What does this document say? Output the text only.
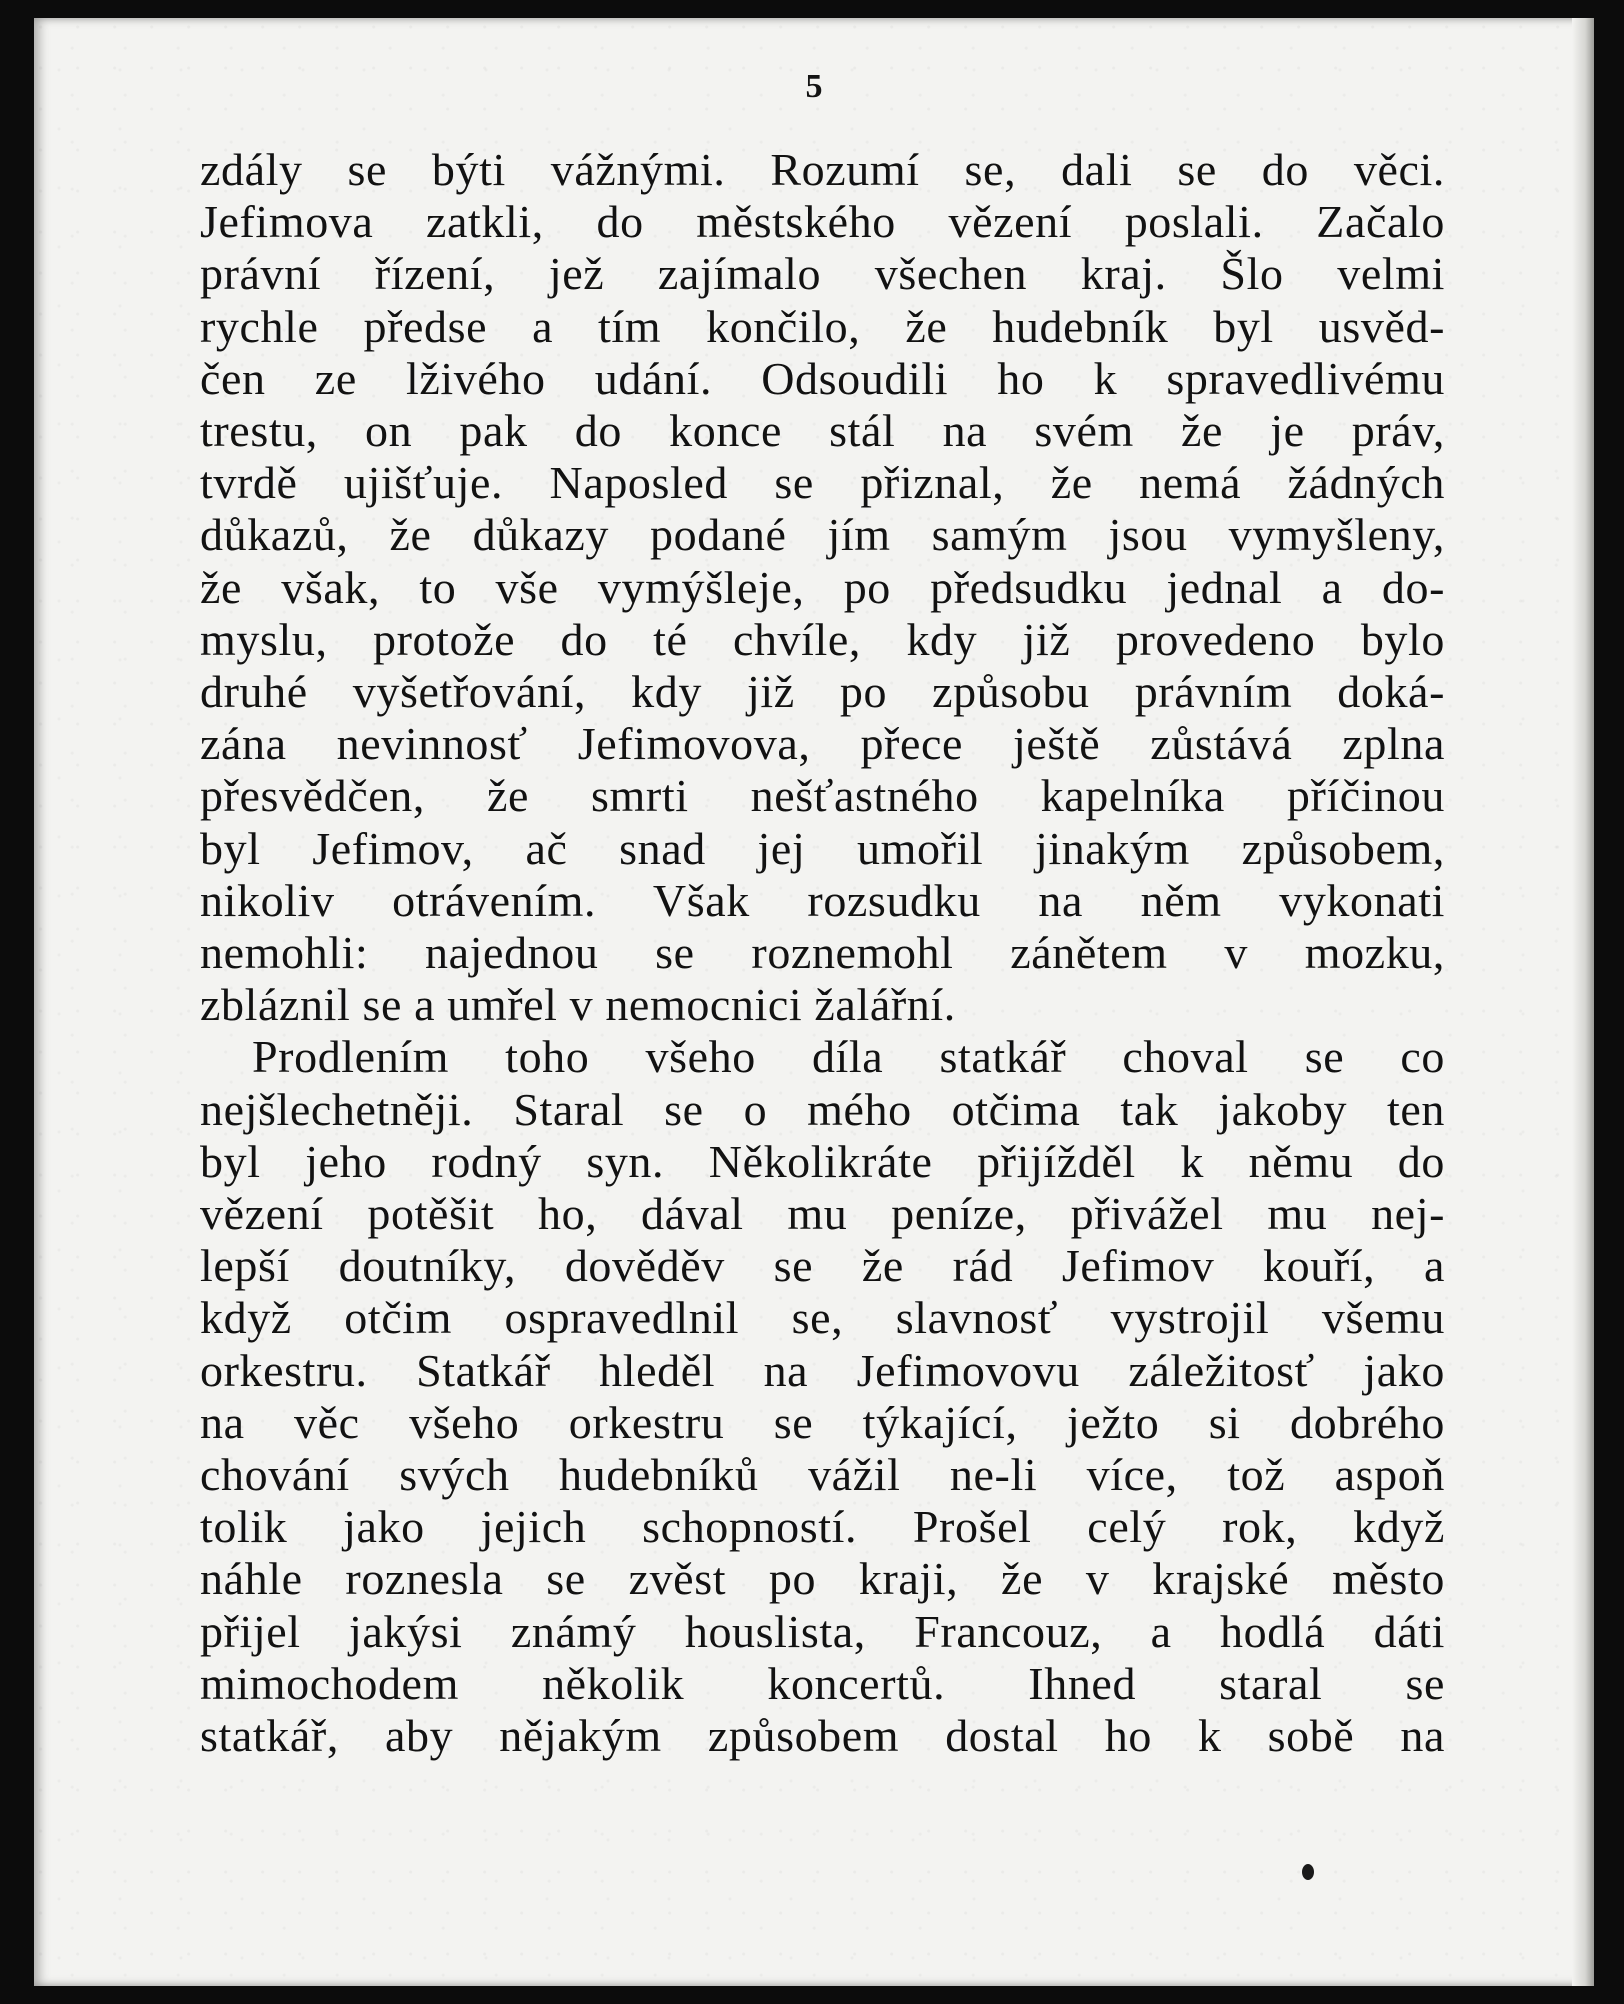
5
zdály se býti vážnými. Rozumí se, dali se do věci.
Jefimova zatkli, do městského vězení poslali. Začalo
právní řízení, jež zajímalo všechen kraj. Šlo velmi
rychle předse a tím končilo, že hudebník byl usvěd-
čen ze lživého udání. Odsoudili ho k spravedlivému
trestu, on pak do konce stál na svém že je práv,
tvrdě ujišťuje. Naposled se přiznal, že nemá žádných
důkazů, že důkazy podané jím samým jsou vymyšleny,
že však, to vše vymýšleje, po předsudku jednal a do-
myslu, protože do té chvíle, kdy již provedeno bylo
druhé vyšetřování, kdy již po způsobu právním doká-
zána nevinnosť Jefimovova, přece ještě zůstává zplna
přesvědčen, že smrti nešťastného kapelníka příčinou
byl Jefimov, ač snad jej umořil jinakým způsobem,
nikoliv otrávením. Však rozsudku na něm vykonati
nemohli: najednou se roznemohl zánětem v mozku,
zbláznil se a umřel v nemocnici žalářní.
Prodlením toho všeho díla statkář choval se co
nejšlechetněji. Staral se o mého otčima tak jakoby ten
byl jeho rodný syn. Několikráte přijížděl k němu do
vězení potěšit ho, dával mu peníze, přivážel mu nej-
lepší doutníky, dověděv se že rád Jefimov kouří, a
když otčim ospravedlnil se, slavnosť vystrojil všemu
orkestru. Statkář hleděl na Jefimovovu záležitosť jako
na věc všeho orkestru se týkající, ježto si dobrého
chování svých hudebníků vážil ne-li více, tož aspoň
tolik jako jejich schopností. Prošel celý rok, když
náhle roznesla se zvěst po kraji, že v krajské město
přijel jakýsi známý houslista, Francouz, a hodlá dáti
mimochodem několik koncertů. Ihned staral se
statkář, aby nějakým způsobem dostal ho k sobě na
